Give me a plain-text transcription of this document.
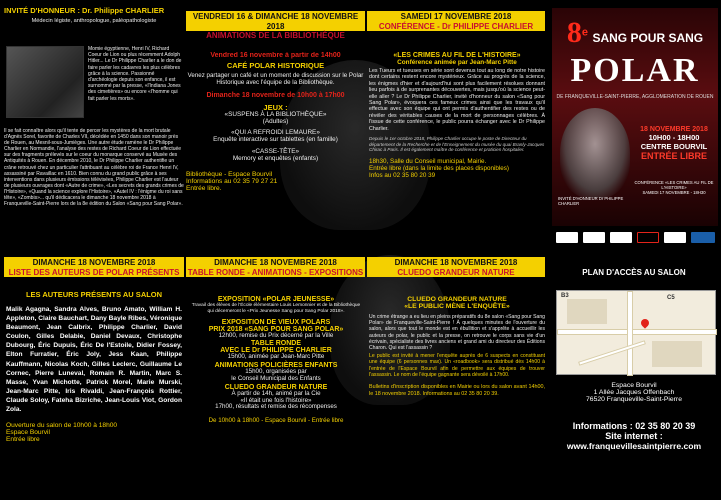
INVITÉ D'HONNEUR : Dr. Philippe CHARLIER
Médecin légiste, anthropologue, paléopathologiste
Momie égyptienne, Henri IV, Richard Coeur de Lion ou plus récemment Adolph Hitler... Le Dr Philippe Charlier a le don de faire parler les cadavres les plus célèbres grâce à la science. Passionné d'archéologie depuis son enfance, il est surnommé par la presse, «l'Indiana Jones des cimetières» ou encore «l'homme qui fait parler les morts».
Il se fait connaître alors qu'il tente de percer les mystères de la mort brutale d'Agnès Sorel, favorite de Charles VII, décédée en 1450 dans son manoir près de Rouen, au Mesnil-sous-Jumièges. Une autre étude ramène le Dr Philippe Charlier en Normandie, l'analyse des restes de Richard Coeur de Lion effectuée sur des fragments prélevés sur le coeur du monarque conservé au Musée des Antiquités à Rouen. En décembre 2010, le Dr Philippe Charlier authentifie un crâne retrouvé chez un particulier l'attribuant au célèbre roi de France Henri IV, assassiné par Ravaillac en 1610. Bien connu du grand public grâce à ses interventions dans plusieurs émissions télévisées, Philippe Charlier est l'auteur de plusieurs ouvrages dont «Autre de crime», «Les secrets des grands crimes de l'Histoire», «Quand la science explore l'Histoire», «Autel IV : l'énigme du roi sans tête», «Zombis»... qu'il dédicacera le dimanche 18 novembre 2018 à Franqueville-Saint-Pierre lors de la 8e édition du Salon «Sang pour Sang Polar».
VENDREDI 16 & DIMANCHE 18 NOVEMBRE 2018
ANIMATIONS DE LA BIBLIOTHÈQUE
Vendred 16 novembre à partir de 14h00
CAFÉ POLAR HISTORIQUE
Venez partager un café et un moment de discussion sur le Polar Historique avec l'équipe de la Bibliothèque.
Dimanche 18 novembre de 10h00 à 17h00
JEUX :
«SUSPENS À LA BIBLIOTHÈQUE»
(Adultes)
«QUI A REFROIDI LEMAURE»
Enquête interactive sur tablettes (en famille)
«CASSE-TÊTE»
Memory et enquêtes (enfants)
Bibliothèque - Espace Bourvil
Informations au 02 35 79 27 21
Entrée libre.
SAMEDI 17 NOVEMBRE 2018
CONFÉRENCE - Dr PHILIPPE CHARLIER
«LES CRIMES AU FIL DE L'HISTOIRE»
Conférence animée par Jean-Marc Pitte
Les Tueurs et tueuses en série sont devenus tout au long de notre histoire dont certains restent encore mystérieux. Grâce au progrès de la science, les énigmes d'hier et d'aujourd'hui sont plus facilement résolues donnant lieu parfois à de surprenantes découvertes, mais jusqu'où la science peut-elle aller ? Le Dr Philippe Charlier, invité d'honneur du salon «Sang pour Sang Polar», évoquera ces fameux crimes ainsi que les travaux qu'il effectue avec son équipe qui ont permis d'authentifier des restes ou de révéler des véritables causes de la mort de personnages célèbres. À l'issue de cette conférence, le public pourra échanger avec le Dr Philippe Charlier.
Depuis le 1er octobre 2018, Philippe Charlier occupe le poste de Directeur du département de la Recherche et de l'Enseignement du musée du quai Branly-Jacques Chirac à Paris. Il est également maître de conférence et praticien hospitalier.
18h30, Salle du Conseil municipal, Mairie.
Entrée libre (dans la limite des places disponibles)
Infos au 02 35 80 20 39
8e SANG POUR SANG
POLAR
DE FRANQUEVILLE-SAINT-PIERRE, AGGLOMERATION DE ROUEN
18 NOVEMBRE 2018
10H00 - 18H00
CENTRE BOURVIL
ENTRÉE LIBRE
INVITÉ D'HONNEUR Dr PHILIPPE CHARLIER
CONFÉRENCE «LES CRIMES AU FIL DE L'HISTOIRE»
SAMEDI 17 NOVEMBRE - 18H30
DIMANCHE 18 NOVEMBRE 2018
LISTE DES AUTEURS DE POLAR PRÉSENTS
LES AUTEURS PRÉSENTS AU SALON
Malik Agagna, Sandra Alves, Bruno Amato, William H. Appleton, Claire Bauchart, Dany Bayle Ribes, Véronique Beaumont, Jean Calbrix, Philippe Charlier, David Coulon, Gilles Delabie, Daniel Devaux, Christophe Dubourg, Éric Dupuis, Éric De l'Estoile, Didier Fossey, Elton Furratier, Éric Joly, Jess Kaan, Philippe Kauffmann, Nicolas Koch, Gilles Leclerc, Guillaume Le Cornec, Pierre Luneval, Romain R. Martin, Marc S. Masse, Yvan Michotte, Patrick Morel, Marie Murski, Jean-Marc Pitte, Iris Rivaldi, Jean-François Rottier, Claude Soloy, Fateha Bizriche, Jean-Louis Viot, Gordon Zola.
Ouverture du salon de 10h00 à 18h00
Espace Bourvil
Entrée libre
DIMANCHE 18 NOVEMBRE 2018
TABLE RONDE - ANIMATIONS - EXPOSITIONS
EXPOSITION «POLAR JEUNESSE»
Travail des élèves de l'École élémentaire Louis Lemonnier et de la Bibliothèque qui décerneront le «Prix Jeunesse Sang pour Sang Polar 2018».
EXPOSITION DE VIEUX POLARS
PRIX 2018 «SANG POUR SANG POLAR»
12h00, remise du Prix décerné par la Ville
TABLE RONDE
AVEC LE Dr PHILIPPE CHARLIER
15h00, animée par Jean-Marc Pitte
ANIMATIONS POLICIÈRES ENFANTS
15h00, organisées par
le Conseil Municipal des Enfants
CLUEDO GRANDEUR NATURE
À partir de 14h, animé par la Cie
«Il était une fois l'histoire»
17h00, résultats et remise des récompenses
De 10h00 à 18h00 - Espace Bourvil - Entrée libre
DIMANCHE 18 NOVEMBRE 2018
CLUEDO GRANDEUR NATURE
CLUEDO GRANDEUR NATURE
«LE PUBLIC MÈNE L'ENQUÊTE»
Un crime étrange a eu lieu en pleins préparatifs du 8e salon «Sang pour Sang Polar» de Franqueville-Saint-Pierre ! À quelques minutes de l'ouverture du salon, alors que tout le monde est en ébullition et s'apprête à accueillir les auteurs de polar, le public et la presse, on retrouve le corps sans vie d'un écrivain, spécialiste des livres anciens et grand ami du directeur des Éditions Charon. Qui est l'assassin ?
Le public est invité à mener l'enquête auprès de 6 suspects en constituant une équipe (6 personnes max). Un «roadbook» sera distribué dès 14h00 à l'entrée de l'Espace Bourvil afin de permettre aux équipes de trouver l'assassin. Le nom de l'équipe gagnante sera dévoilé à 17h00.
Bulletins d'inscription disponibles en Mairie ou lors du salon avant 14h00, le 18 novembre 2018. Informations au 02 35 80 20 39.
PLAN D'ACCÈS AU SALON
B3	C5
Espace Bourvil
1 Allée Jacques Offenbach
76520 Franqueville-Saint-Pierre
Informations : 02 35 80 20 39
Site internet :
www.franquevillesaintpierre.com
